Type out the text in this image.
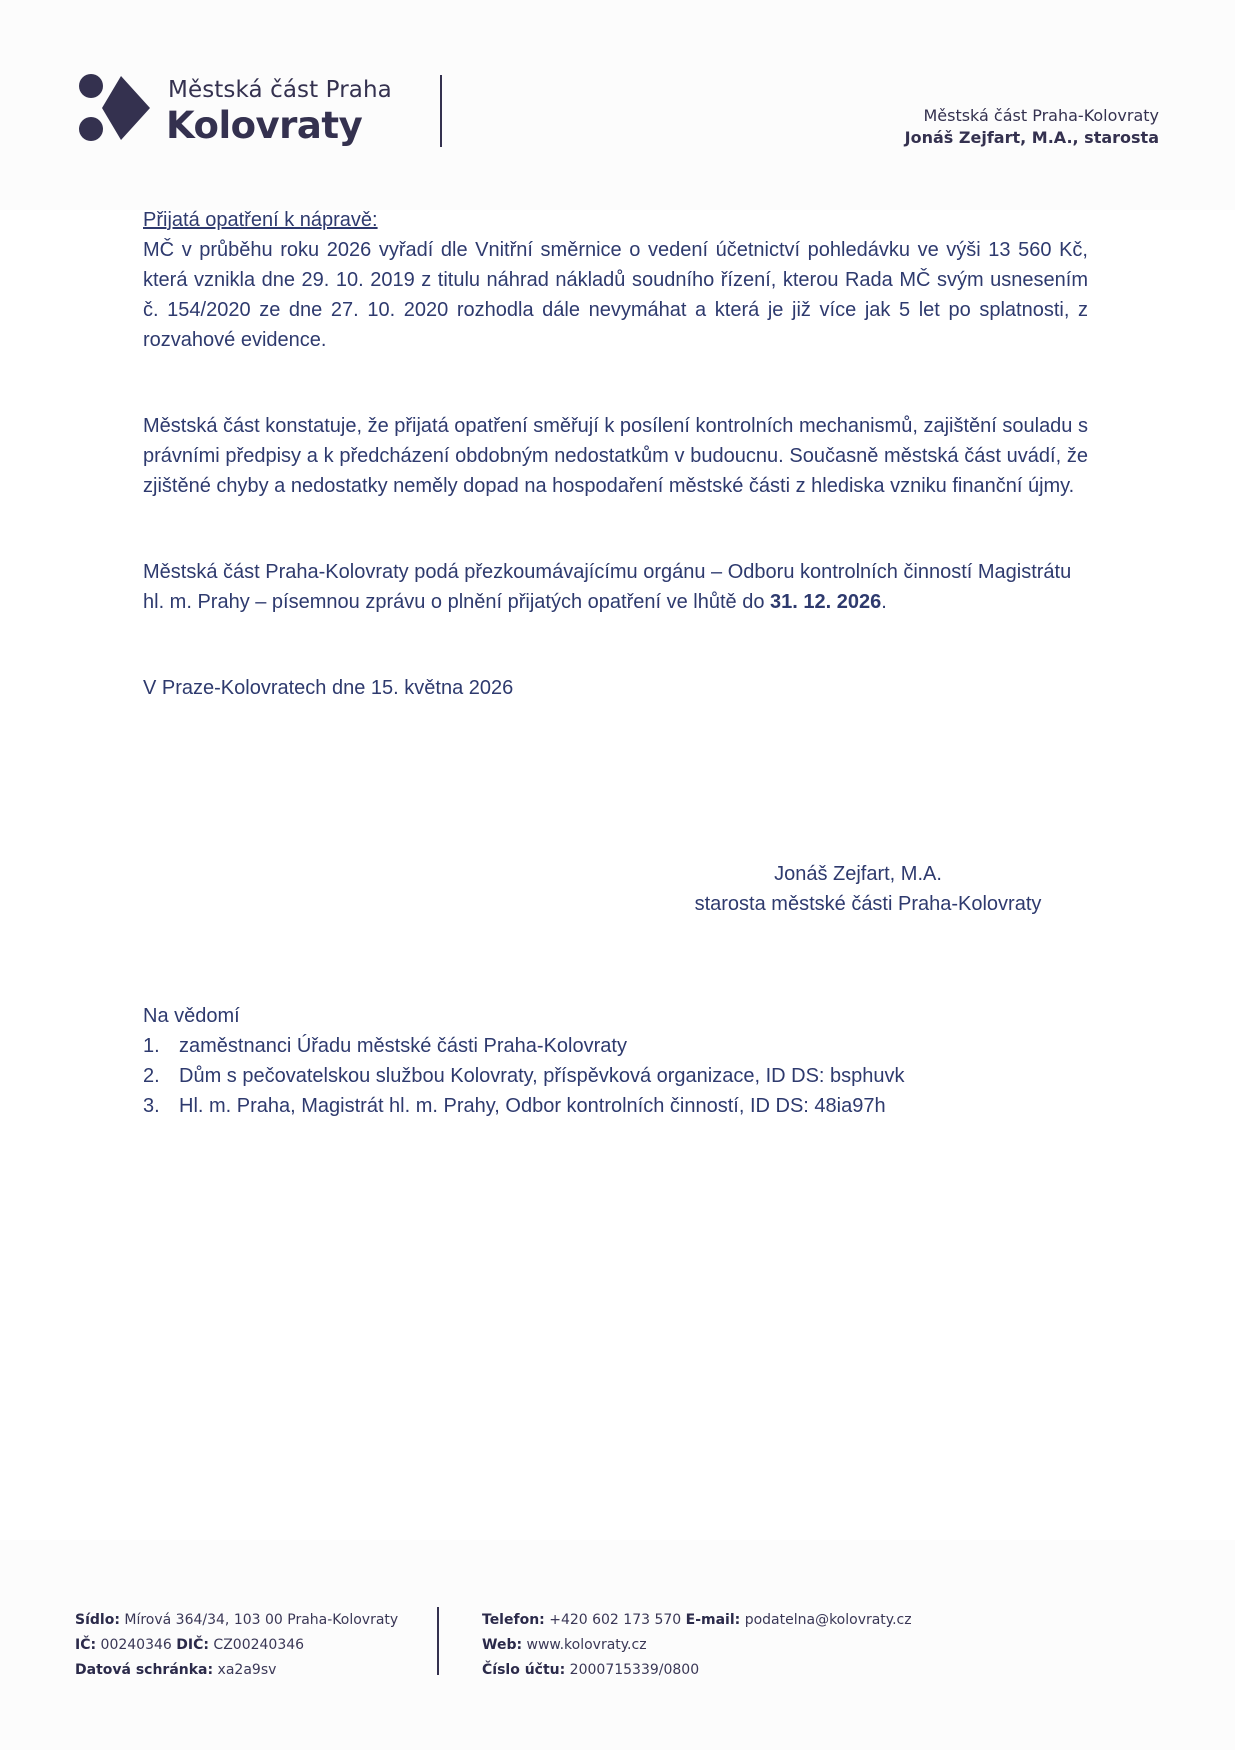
Městská část Praha
Kolovraty	Městská část Praha-Kolovraty
Jonáš Zejfart, M.A., starosta

Přijatá opatření k nápravě:

MČ v průběhu roku 2026 vyřadí dle Vnitřní směrnice o vedení účetnictví pohledávku ve výši 13 560 Kč, která vznikla dne 29. 10. 2019 z titulu náhrad nákladů soudního řízení, kterou Rada MČ svým usnesením č. 154/2020 ze dne 27. 10. 2020 rozhodla dále nevymáhat a která je již více jak 5 let po splatnosti, z rozvahové evidence.

Městská část konstatuje, že přijatá opatření směřují k posílení kontrolních mechanismů, zajištění souladu s právními předpisy a k předcházení obdobným nedostatkům v budoucnu. Současně městská část uvádí, že zjištěné chyby a nedostatky neměly dopad na hospodaření městské části z hlediska vzniku finanční újmy.

Městská část Praha-Kolovraty podá přezkoumávajícímu orgánu – Odboru kontrolních činností Magistrátu hl. m. Prahy – písemnou zprávu o plnění přijatých opatření ve lhůtě do 31. 12. 2026.

V Praze-Kolovratech dne 15. května 2026

Jonáš Zejfart, M.A.
starosta městské části Praha-Kolovraty

Na vědomí

1. zaměstnanci Úřadu městské části Praha-Kolovraty
2. Dům s pečovatelskou službou Kolovraty, příspěvková organizace, ID DS: bsphuvk
3. Hl. m. Praha, Magistrát hl. m. Prahy, Odbor kontrolních činností, ID DS: 48ia97h
Sídlo: Mírová 364/34, 103 00 Praha-Kolovraty
IČ: 00240346 DIČ: CZ00240346
Datová schránka: xa2a9sv
Telefon: +420 602 173 570 E-mail: podatelna@kolovraty.cz
Web: www.kolovraty.cz
Číslo účtu: 2000715339/0800
